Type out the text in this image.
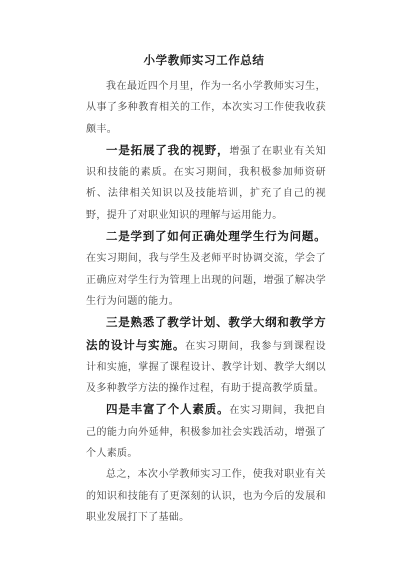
小学教师实习工作总结

我在最近四个月里，作为一名小学教师实习生，从事了多种教育相关的工作，本次实习工作使我收获颇丰。

一是拓展了我的视野，增强了在职业有关知识和技能的素质。在实习期间，我积极参加师资研析、法律相关知识以及技能培训，扩充了自己的视野，提升了对职业知识的理解与运用能力。

二是学到了如何正确处理学生行为问题。在实习期间，我与学生及老师平时协调交流，学会了正确应对学生行为管理上出现的问题，增强了解决学生行为问题的能力。

三是熟悉了教学计划、教学大纲和教学方法的设计与实施。在实习期间，我参与到课程设计和实施，掌握了课程设计、教学计划、教学大纲以及多种教学方法的操作过程，有助于提高教学质量。

四是丰富了个人素质。在实习期间，我把自己的能力向外延伸，积极参加社会实践活动，增强了个人素质。

总之，本次小学教师实习工作，使我对职业有关的知识和技能有了更深刻的认识，也为今后的发展和职业发展打下了基础。
